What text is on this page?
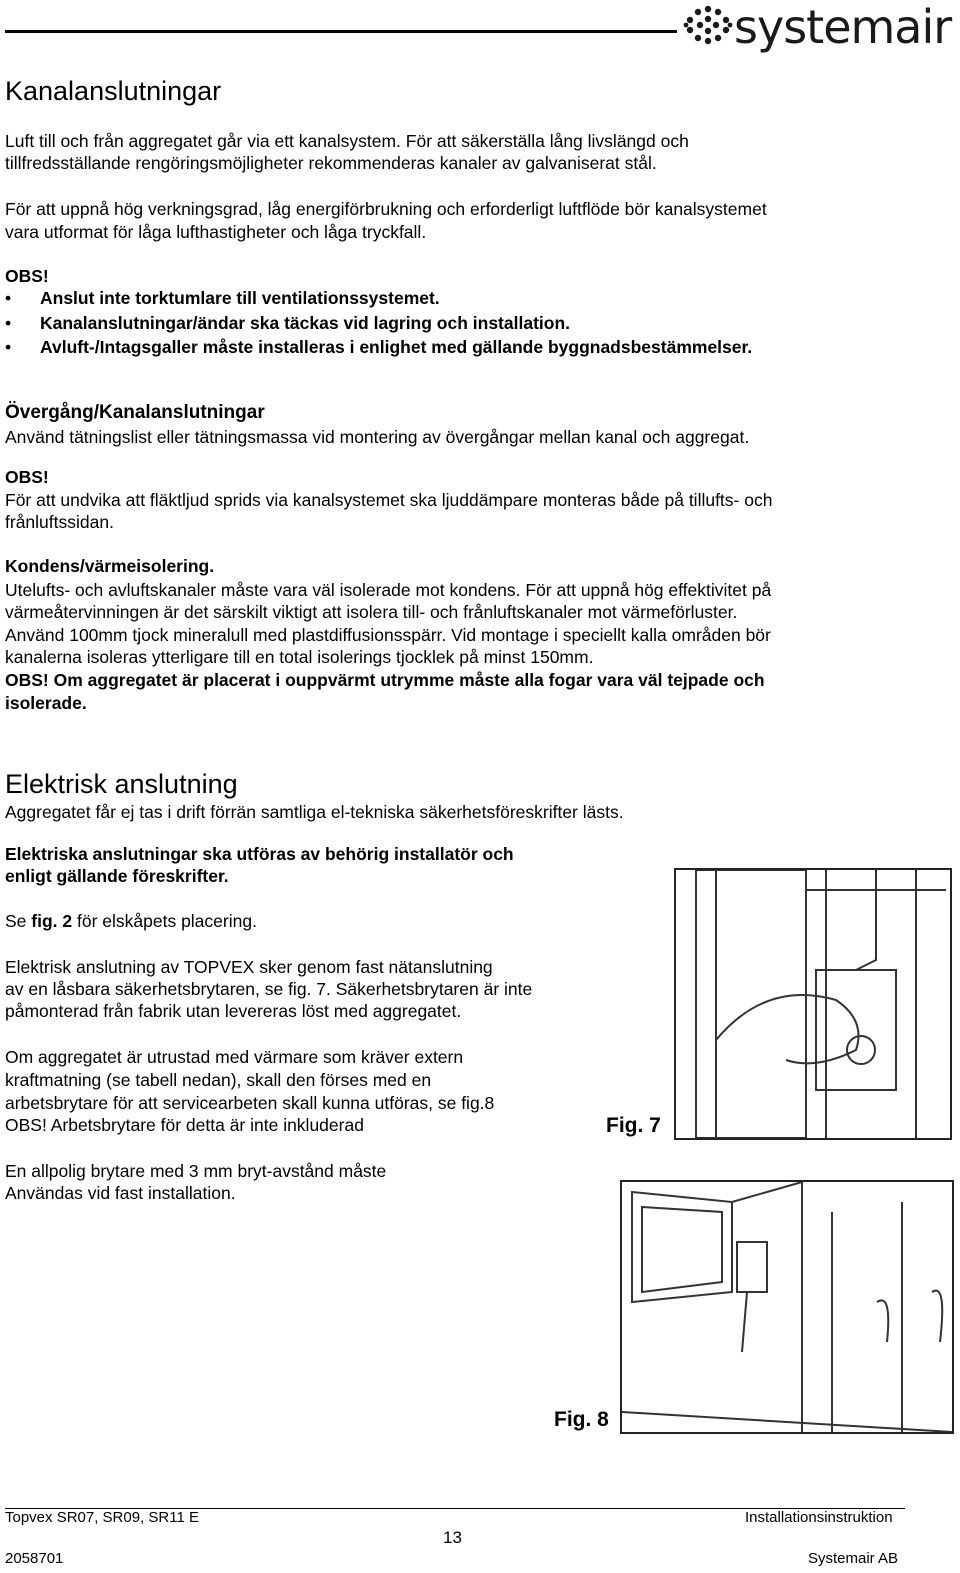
systemair
Kanalanslutningar
Luft till och från aggregatet går via ett kanalsystem. För att säkerställa lång livslängd och
tillfredsställande rengöringsmöjligheter rekommenderas kanaler av galvaniserat stål.
För att uppnå hög verkningsgrad, låg energiförbrukning och erforderligt luftflöde bör kanalsystemet
vara utformat för låga lufthastigheter och låga tryckfall.
OBS!
•	Anslut inte torktumlare till ventilationssystemet.
•	Kanalanslutningar/ändar ska täckas vid lagring och installation.
•	Avluft-/Intagsgaller måste installeras i enlighet med gällande byggnadsbestämmelser.
Övergång/Kanalanslutningar
Använd tätningslist eller tätningsmassa vid montering av övergångar mellan kanal och aggregat.
OBS!
För att undvika att fläktljud sprids via kanalsystemet ska ljuddämpare monteras både på tillufts- och
frånluftssidan.
Kondens/värmeisolering.
Utelufts- och avluftskanaler måste vara väl isolerade mot kondens. För att uppnå hög effektivitet på
värmeåtervinningen är det särskilt viktigt att isolera till- och frånluftskanaler mot värmeförluster.
Använd 100mm tjock mineralull med plastdiffusionsspärr. Vid montage i speciellt kalla områden bör
kanalerna isoleras ytterligare till en total isolerings tjocklek på minst 150mm.
OBS! Om aggregatet är placerat i ouppvärmt utrymme måste alla fogar vara väl tejpade och
isolerade.
Elektrisk anslutning
Aggregatet får ej tas i drift förrän samtliga el-tekniska säkerhetsföreskrifter lästs.
Elektriska anslutningar ska utföras av behörig installatör och
enligt gällande föreskrifter.
Se fig. 2 för elskåpets placering.
Elektrisk anslutning av TOPVEX sker genom fast nätanslutning
av en låsbara säkerhetsbrytaren, se fig. 7. Säkerhetsbrytaren är inte
påmonterad från fabrik utan levereras löst med aggregatet.
Om aggregatet är utrustad med värmare som kräver extern
kraftmatning (se tabell nedan), skall den förses med en
arbetsbrytare för att servicearbeten skall kunna utföras, se fig.8
OBS! Arbetsbrytare för detta är inte inkluderad
En allpolig brytare med 3 mm bryt-avstånd måste
Användas vid fast installation.
Fig. 7
Fig. 8
Topvex SR07, SR09, SR11 E	Installationsinstruktion
13
2058701	Systemair AB
